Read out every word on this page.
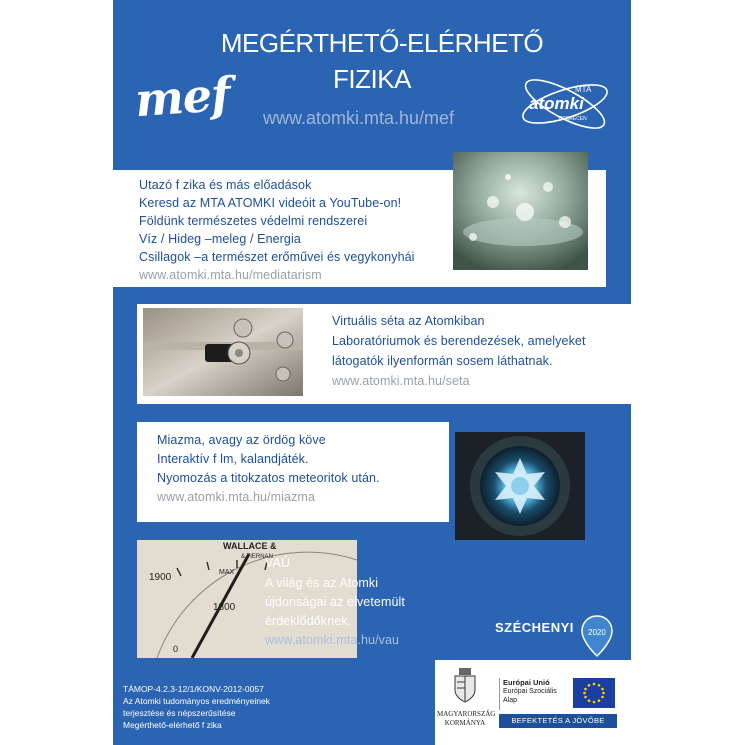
MEGÉRTHETŐ-ELÉRHETŐ
FIZIKA
mef www.atomki.mta.hu/mef
MTA
atomki
DEBRECEN
Utazó f zika és más előadások
Keresd az MTA ATOMKI videóit a YouTube-on!
Földünk természetes védelmi rendszerei
Víz / Hideg –meleg / Energia
Csillagok –a természet erőművei és vegykonyhái
www.atomki.mta.hu/mediatarism
Virtuális séta az Atomkiban
Laboratóriumok és berendezések, amelyeket
látogatók ilyenformán sosem láthatnak.
www.atomki.mta.hu/seta
Miazma, avagy az ördög köve
Interaktív f lm, kalandjáték.
Nyomozás a titokzatos meteoritok után.
www.atomki.mta.hu/miazma
WALLACE &
& TIERNAN
1900
1800
MAX
0
VAÚ
A világ és az Atomki
újdonságai az elvetemült
érdeklődőknek.
www.atomki.mta.hu/vau
SZÉCHENYI 2020
TÁMOP-4.2.3-12/1/KONV-2012-0057
Az Atomki tudományos eredményeinek
terjesztése és népszerűsítése
Megérthető-elérhető f zika
MAGYARORSZÁG
KORMÁNYA
Európai Unió
Európai Szociális
Alap
BEFEKTETÉS A JÖVŐBE
